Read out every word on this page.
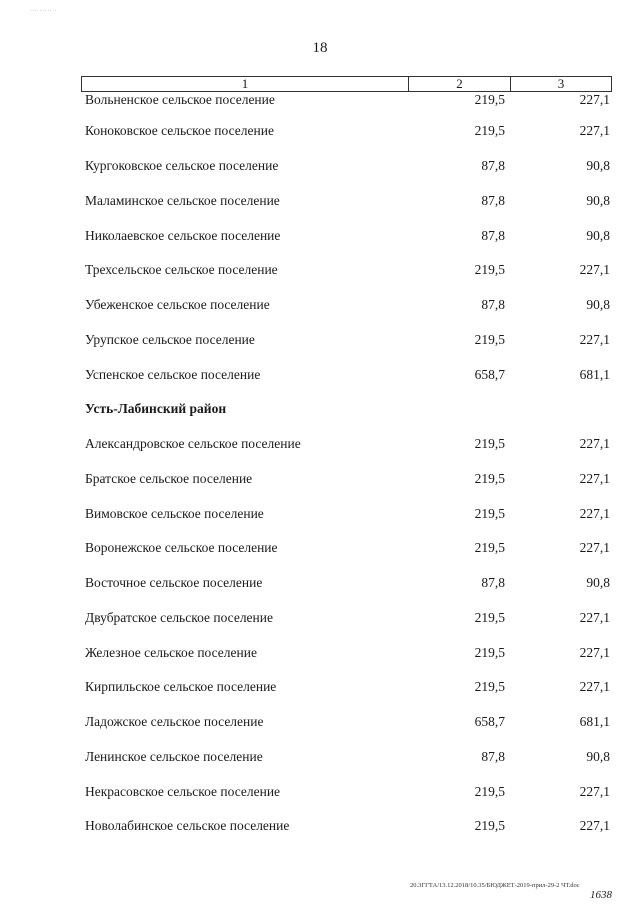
... ..... .
18
1	2	3
Вольненское сельское поселение	219,5	227,1
Коноковское сельское поселение	219,5	227,1
Кургоковское сельское поселение	87,8	90,8
Маламинское сельское поселение	87,8	90,8
Николаевское сельское поселение	87,8	90,8
Трехсельское сельское поселение	219,5	227,1
Убеженское сельское поселение	87,8	90,8
Урупское сельское поселение	219,5	227,1
Успенское сельское поселение	658,7	681,1
Усть-Лабинский район
Александровское сельское поселение	219,5	227,1
Братское сельское поселение	219,5	227,1
Вимовское сельское поселение	219,5	227,1
Воронежское сельское поселение	219,5	227,1
Восточное сельское поселение	87,8	90,8
Двубратское сельское поселение	219,5	227,1
Железное сельское поселение	219,5	227,1
Кирпильское сельское поселение	219,5	227,1
Ладожское сельское поселение	658,7	681,1
Ленинское сельское поселение	87,8	90,8
Некрасовское сельское поселение	219,5	227,1
Новолабинское сельское поселение	219,5	227,1
20.3ГГТА/13.12.2018/10.35/БЮДЖЕТ-2019-прил-29-2 ЧТ.doc
1638
